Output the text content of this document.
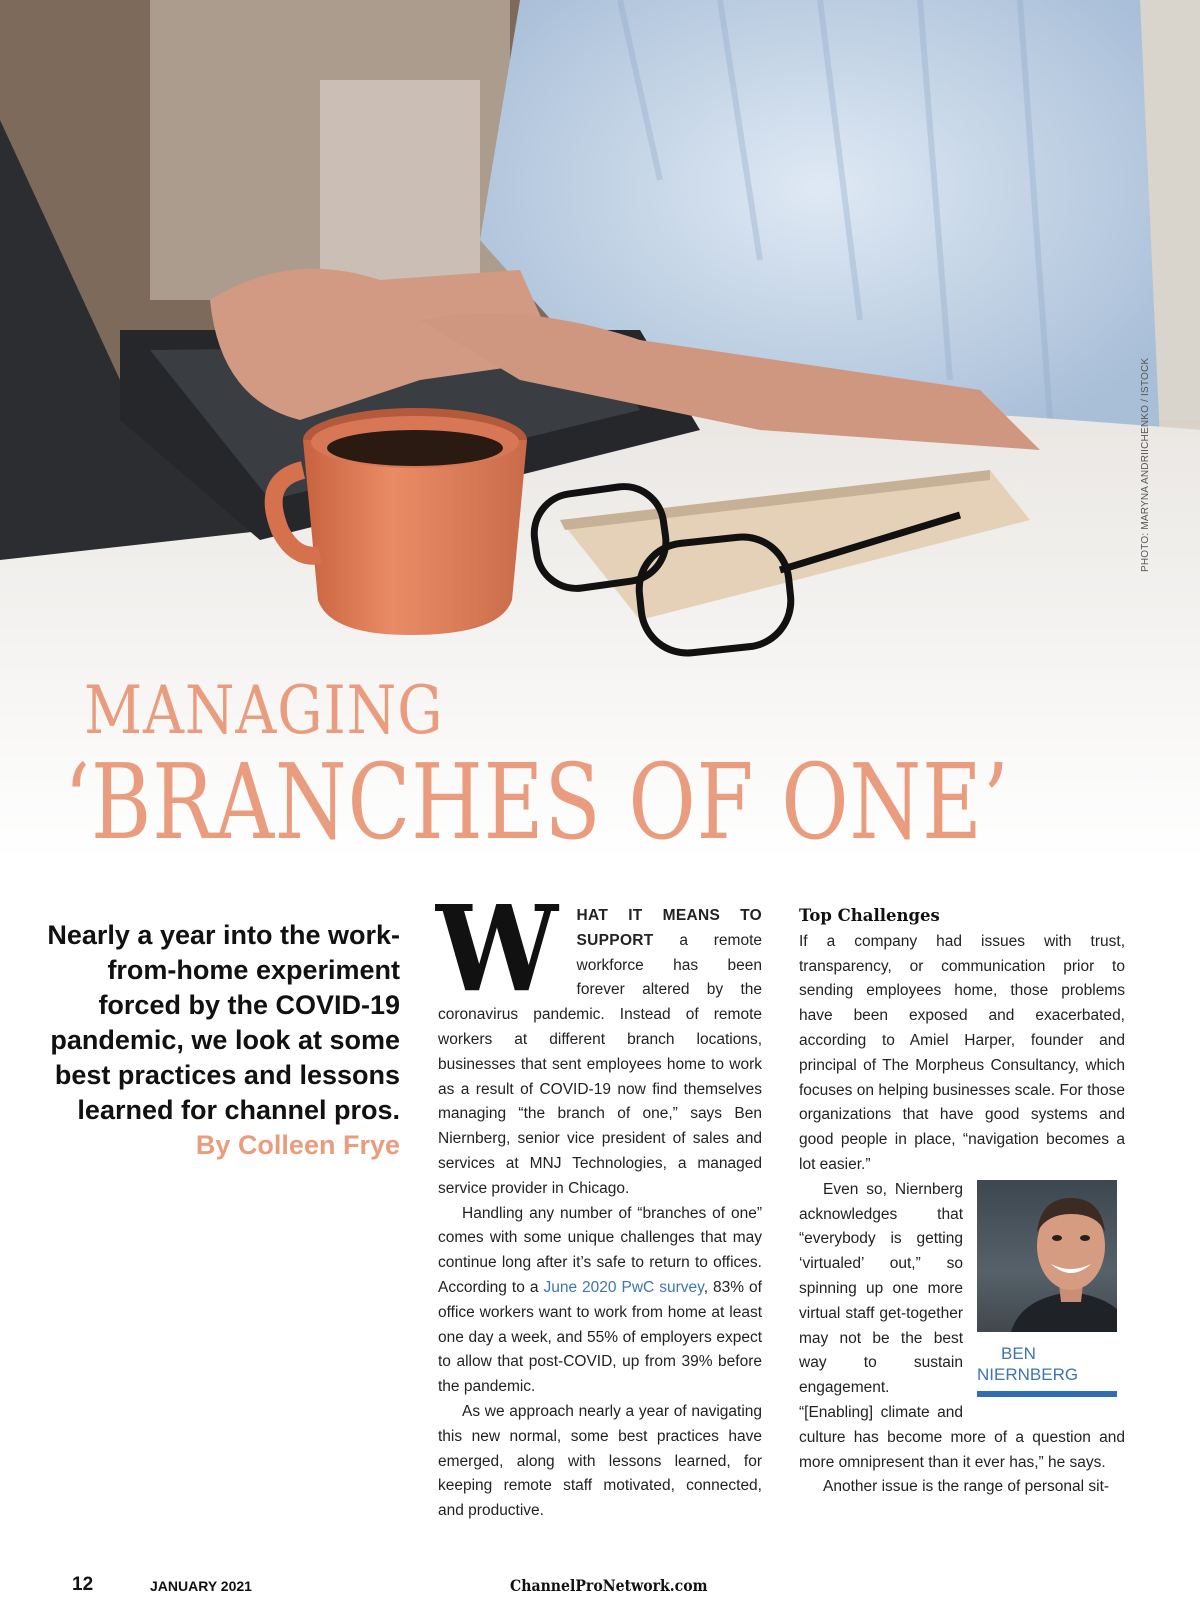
PHOTO: MARYNA ANDRIICHENKO / ISTOCK
MANAGING
‘BRANCHES OF ONE’
Nearly a year into the work-from-home experiment forced by the COVID-19 pandemic, we look at some best practices and lessons learned for channel pros.
By Colleen Frye

W HAT IT MEANS TO SUPPORT a remote workforce has been forever altered by the coronavirus pandemic. Instead of remote workers at different branch locations, businesses that sent employees home to work as a result of COVID-19 now find themselves managing “the branch of one,” says Ben Niernberg, senior vice president of sales and services at MNJ Technologies, a managed service provider in Chicago.

Handling any number of “branches of one” comes with some unique challenges that may continue long after it’s safe to return to offices. According to a June 2020 PwC survey, 83% of office workers want to work from home at least one day a week, and 55% of employers expect to allow that post-COVID, up from 39% before the pandemic.

As we approach nearly a year of navigating this new normal, some best practices have emerged, along with lessons learned, for keeping remote staff motivated, connected, and productive.

Top Challenges

If a company had issues with trust, transparency, or communication prior to sending employees home, those problems have been exposed and exacerbated, according to Amiel Harper, founder and principal of The Morpheus Consultancy, which focuses on helping businesses scale. For those organizations that have good systems and good people in place, “navigation becomes a lot easier.”

BEN
NIERNBERG
Even so, Niernberg acknowledges that “everybody is getting ‘virtualed’ out,” so spinning up one more virtual staff get-together may not be the best way to sustain engagement. “[Enabling] climate and culture has become more of a question and more omnipresent than it ever has,” he says.

Another issue is the range of personal sit-

12	JANUARY 2021	ChannelProNetwork.com
